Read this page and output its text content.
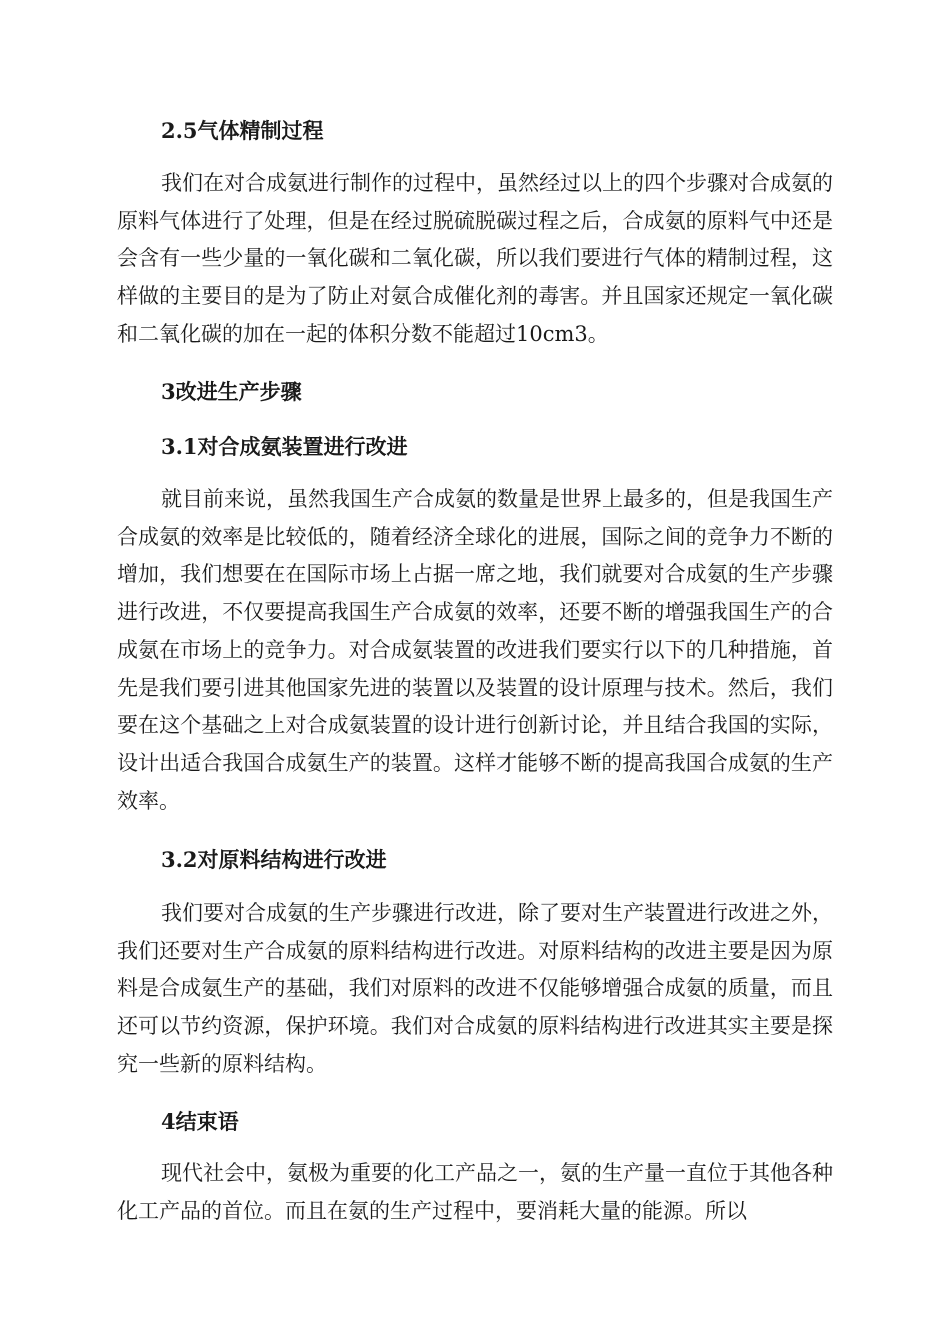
2.5气体精制过程

我们在对合成氨进行制作的过程中，虽然经过以上的四个步骤对合成氨的原料气体进行了处理，但是在经过脱硫脱碳过程之后，合成氨的原料气中还是会含有一些少量的一氧化碳和二氧化碳，所以我们要进行气体的精制过程，这样做的主要目的是为了防止对氨合成催化剂的毒害。并且国家还规定一氧化碳和二氧化碳的加在一起的体积分数不能超过10cm3。

3改进生产步骤
3.1对合成氨装置进行改进

就目前来说，虽然我国生产合成氨的数量是世界上最多的，但是我国生产合成氨的效率是比较低的，随着经济全球化的进展，国际之间的竞争力不断的增加，我们想要在在国际市场上占据一席之地，我们就要对合成氨的生产步骤进行改进，不仅要提高我国生产合成氨的效率，还要不断的增强我国生产的合成氨在市场上的竞争力。对合成氨装置的改进我们要实行以下的几种措施，首先是我们要引进其他国家先进的装置以及装置的设计原理与技术。然后，我们要在这个基础之上对合成氨装置的设计进行创新讨论，并且结合我国的实际，设计出适合我国合成氨生产的装置。这样才能够不断的提高我国合成氨的生产效率。

3.2对原料结构进行改进

我们要对合成氨的生产步骤进行改进，除了要对生产装置进行改进之外，我们还要对生产合成氨的原料结构进行改进。对原料结构的改进主要是因为原料是合成氨生产的基础，我们对原料的改进不仅能够增强合成氨的质量，而且还可以节约资源，保护环境。我们对合成氨的原料结构进行改进其实主要是探究一些新的原料结构。

4结束语

现代社会中，氨极为重要的化工产品之一，氨的生产量一直位于其他各种化工产品的首位。而且在氨的生产过程中，要消耗大量的能源。所以
